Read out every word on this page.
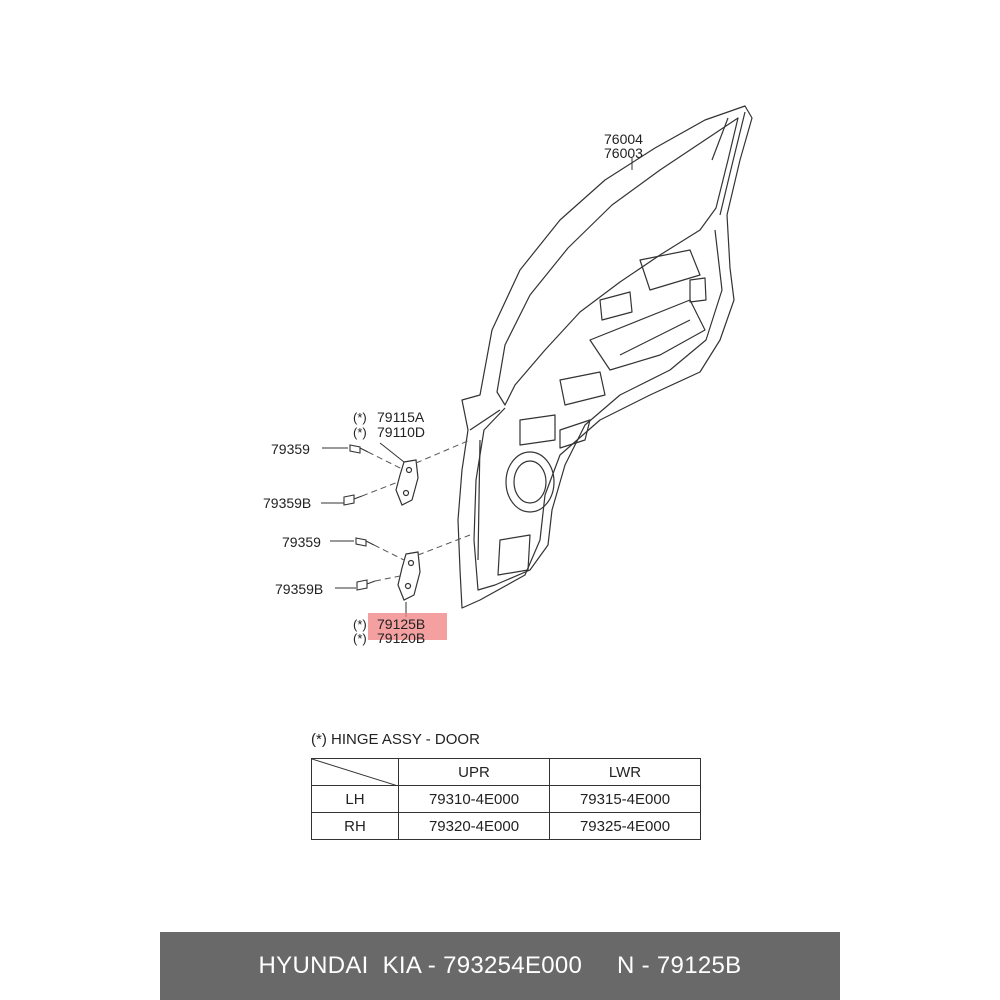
76004
76003
(*) 79115A
(*) 79110D
79359
79359B
79359
79359B
(*) 79125B
(*) 79120B
(*) HINGE ASSY - DOOR
	UPR	LWR
LH	79310-4E000	79315-4E000
RH	79320-4E000	79325-4E000
HYUNDAI  KIA - 793254E000     N - 79125B
